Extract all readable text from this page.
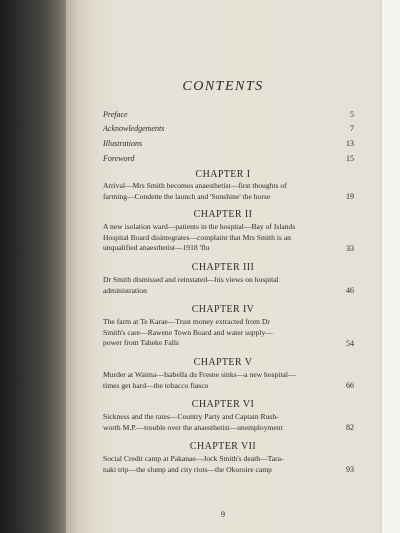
CONTENTS
Preface	5
Acknowledgements	7
Illustrations	13
Foreword	15
CHAPTER I
Arrival—Mrs Smith becomes anaesthetist—first thoughts of
farming—Condette the launch and 'Sunshine' the horse	19
CHAPTER II
A new isolation ward—patients in the hospital—Bay of Islands
Hospital Board disintegrates—complaint that Mrs Smith is an
unqualified anaesthetist—1918 'flu	33
CHAPTER III
Dr Smith dismissed and reinstated—his views on hospital
administration	46
CHAPTER IV
The farm at Te Karae—Trust money extracted from Dr
Smith's care—Rawene Town Board and water supply—
power from Taheke Falls	54
CHAPTER V
Murder at Waima—Isabella du Fresne sinks—a new hospital—
times get hard—the tobacco fiasco	66
CHAPTER VI
Sickness and the rates—Country Party and Captain Rush-
worth M.P.—trouble over the anaesthetist—unemployment	82
CHAPTER VII
Social Credit camp at Pakanae—Jock Smith's death—Tara-
naki trip—the slump and city riots—the Okoroire camp	93
9
